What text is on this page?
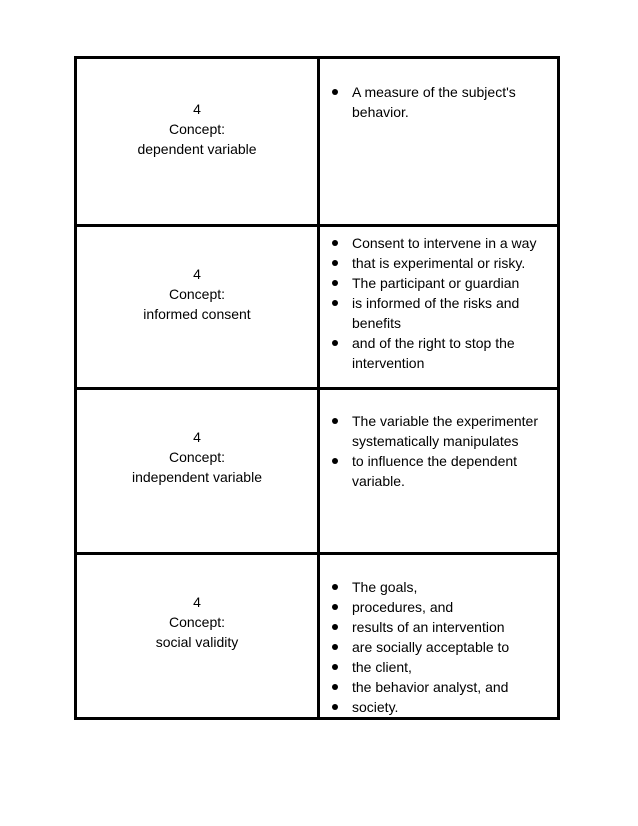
4
Concept:
dependent variable
A measure of the subject's
behavior.
4
Concept:
informed consent
Consent to intervene in a way
that is experimental or risky.
The participant or guardian
is informed of the risks and
benefits
and of the right to stop the
intervention
4
Concept:
independent variable
The variable the experimenter
systematically manipulates
to influence the dependent
variable.
4
Concept:
social validity
The goals,
procedures, and
results of an intervention
are socially acceptable to
the client,
the behavior analyst, and
society.
